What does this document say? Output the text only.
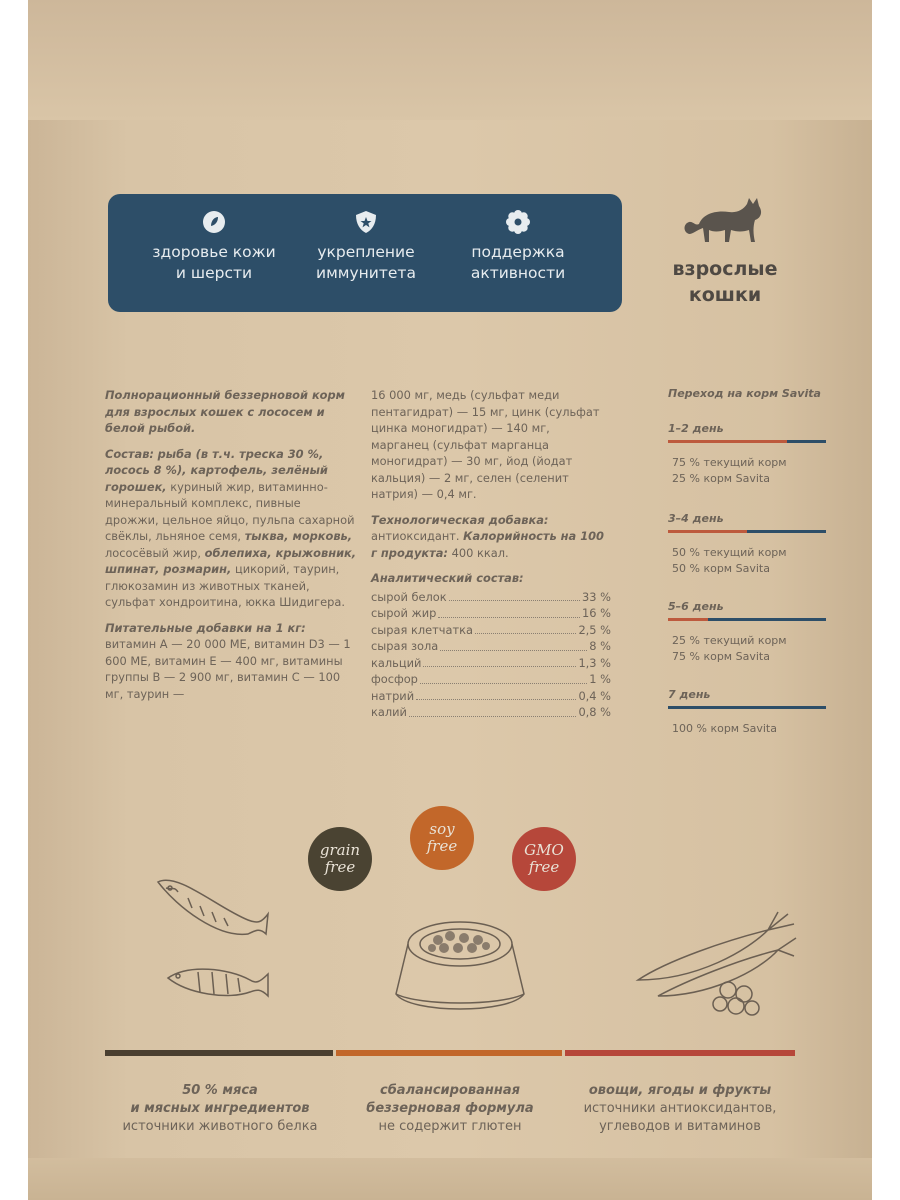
здоровье кожи
и шерсти
укрепление
иммунитета
поддержка
активности	взрослые
кошки

Полнорационный беззерновой корм для взрослых кошек с лососем и белой рыбой.

Состав: рыба (в т.ч. треска 30 %, лосось 8 %), картофель, зелёный горошек, куриный жир, витаминно-минеральный комплекс, пивные дрожжи, цельное яйцо, пульпа сахарной свёклы, льняное семя, тыква, морковь, лососёвый жир, облепиха, крыжовник, шпинат, розмарин, цикорий, таурин, глюкозамин из животных тканей, сульфат хондроитина, юкка Шидигера.

Питательные добавки на 1 кг:
витамин А — 20 000 МЕ, витамин D3 — 1 600 МЕ, витамин Е — 400 мг, витамины группы В — 2 900 мг, витамин С — 100 мг, таурин —

16 000 мг, медь (сульфат меди пентагидрат) — 15 мг, цинк (сульфат цинка моногидрат) — 140 мг, марганец (сульфат марганца моногидрат) — 30 мг, йод (йодат кальция) — 2 мг, селен (селенит натрия) — 0,4 мг.

Технологическая добавка:
антиоксидант. Калорийность на 100 г продукта: 400 ккал.

Аналитический состав:
сырой белок	33 %
сырой жир	16 %
сырая клетчатка	2,5 %
сырая зола	8 %
кальций	1,3 %
фосфор	1 %
натрий	0,4 %
калий	0,8 %
Переход на корм Savita
1–2 день
75 % текущий корм
25 % корм Savita
3–4 день
50 % текущий корм
50 % корм Savita
5–6 день
25 % текущий корм
75 % корм Savita
7 день
100 % корм Savita

grain
free
soy
free	GMO
free
50 % мяса
и мясных ингредиентов
источники животного белка
сбалансированная
беззерновая формула
не содержит глютен
овощи, ягоды и фрукты
источники антиоксидантов,
углеводов и витаминов
